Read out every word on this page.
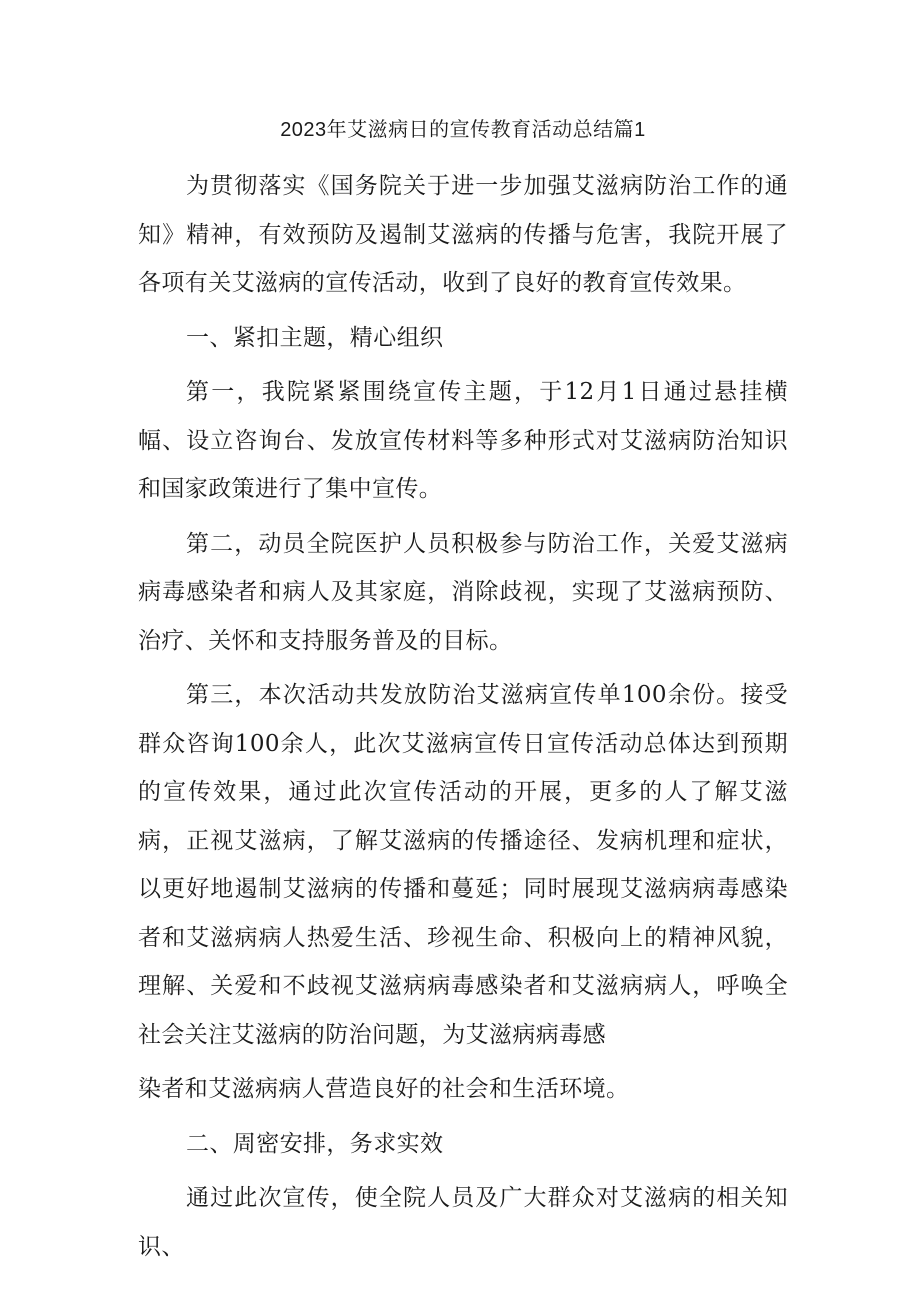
2023年艾滋病日的宣传教育活动总结篇1

为贯彻落实《国务院关于进一步加强艾滋病防治工作的通知》精神，有效预防及遏制艾滋病的传播与危害，我院开展了各项有关艾滋病的宣传活动，收到了良好的教育宣传效果。

一、紧扣主题，精心组织

第一，我院紧紧围绕宣传主题，于12月1日通过悬挂横幅、设立咨询台、发放宣传材料等多种形式对艾滋病防治知识和国家政策进行了集中宣传。

第二，动员全院医护人员积极参与防治工作，关爱艾滋病病毒感染者和病人及其家庭，消除歧视，实现了艾滋病预防、治疗、关怀和支持服务普及的目标。

第三，本次活动共发放防治艾滋病宣传单100余份。接受群众咨询100余人，此次艾滋病宣传日宣传活动总体达到预期的宣传效果，通过此次宣传活动的开展，更多的人了解艾滋病，正视艾滋病，了解艾滋病的传播途径、发病机理和症状，以更好地遏制艾滋病的传播和蔓延；同时展现艾滋病病毒感染者和艾滋病病人热爱生活、珍视生命、积极向上的精神风貌，理解、关爱和不歧视艾滋病病毒感染者和艾滋病病人，呼唤全社会关注艾滋病的防治问题，为艾滋病病毒感

染者和艾滋病病人营造良好的社会和生活环境。

二、周密安排，务求实效

通过此次宣传，使全院人员及广大群众对艾滋病的相关知识、
